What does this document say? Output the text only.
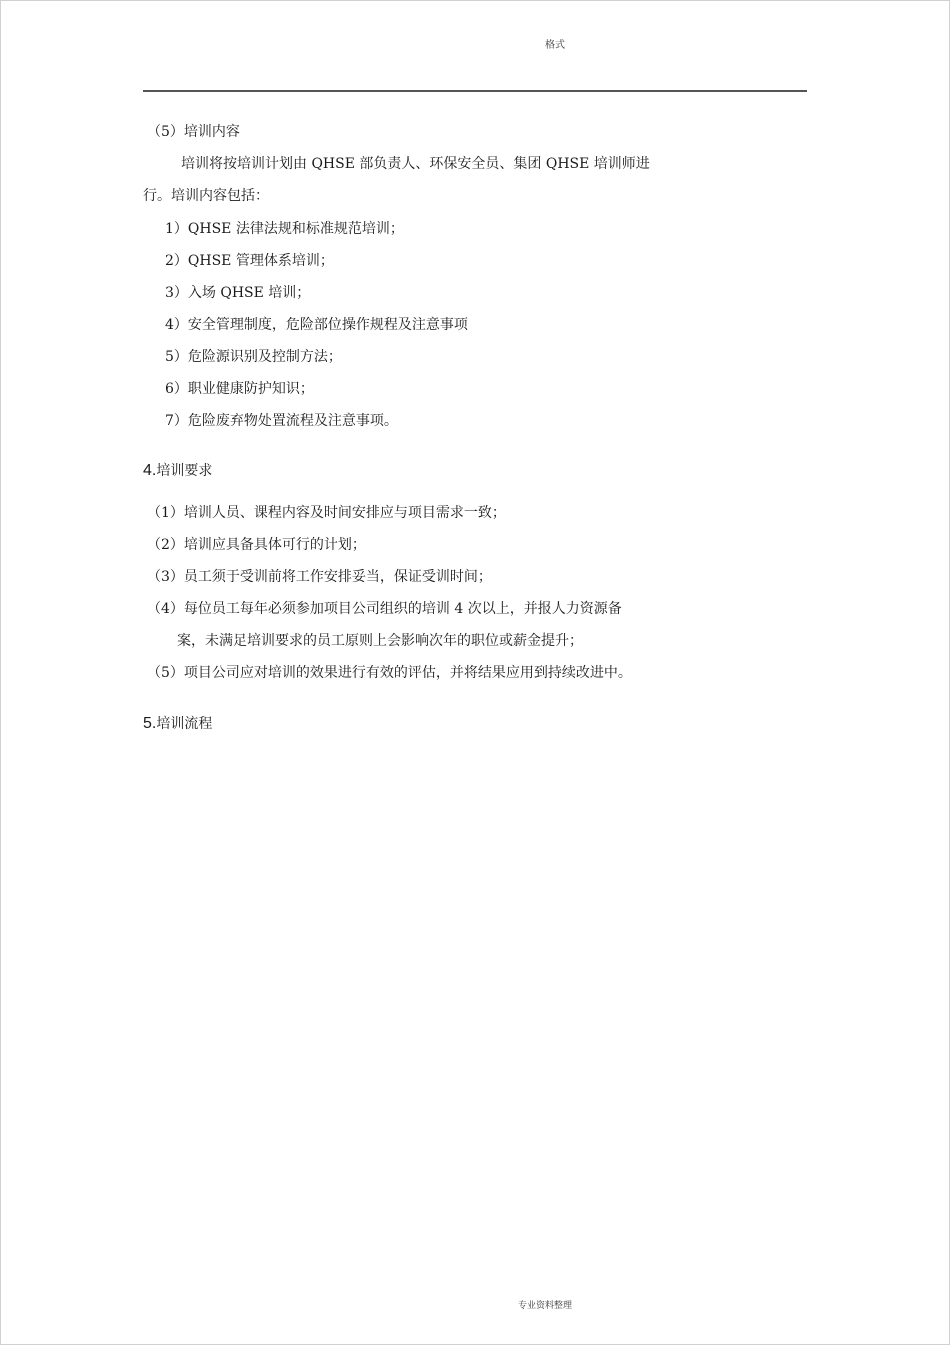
格式
（5）培训内容
培训将按培训计划由 QHSE 部负责人、环保安全员、集团 QHSE 培训师进
行。培训内容包括：
1）QHSE 法律法规和标准规范培训；
2）QHSE 管理体系培训；
3）入场 QHSE 培训；
4）安全管理制度，危险部位操作规程及注意事项
5）危险源识别及控制方法；
6）职业健康防护知识；
7）危险废弃物处置流程及注意事项。
4.培训要求
（1）培训人员、课程内容及时间安排应与项目需求一致；
（2）培训应具备具体可行的计划；
（3）员工须于受训前将工作安排妥当，保证受训时间；
（4）每位员工每年必须参加项目公司组织的培训 4 次以上，并报人力资源备
案，未满足培训要求的员工原则上会影响次年的职位或薪金提升；
（5）项目公司应对培训的效果进行有效的评估，并将结果应用到持续改进中。
5.培训流程
专业资料整理
